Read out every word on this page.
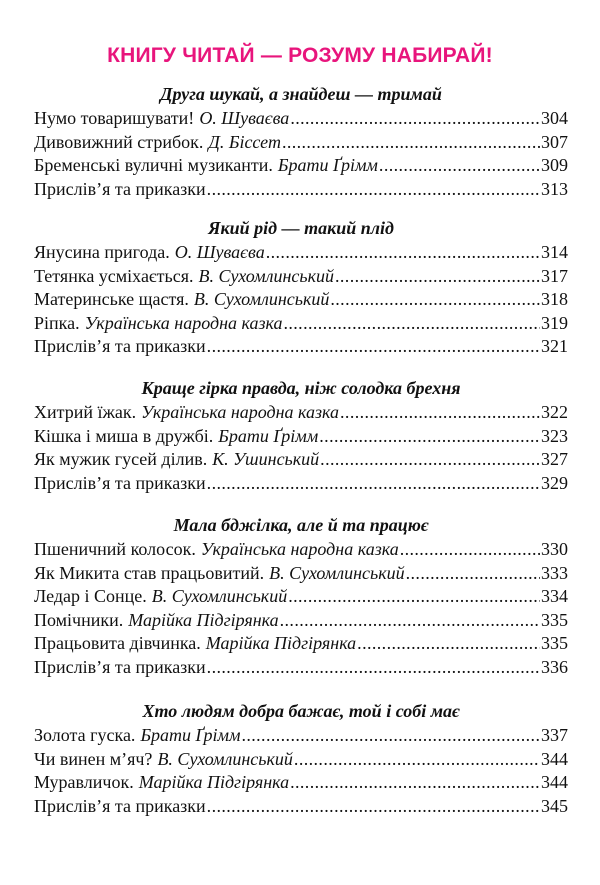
КНИГУ ЧИТАЙ — РОЗУМУ НАБИРАЙ!
Друга шукай, а знайдеш — тримай
Нумо товаришувати! О. Шуваєва .....	304
Дивовижний стрибок. Д. Біссет .....	307
Бременські вуличні музиканти. Брати Ґрімм .....	309
Прислів’я та приказки .....	313
Який рід — такий плід
Янусина пригода. О. Шуваєва .....	314
Тетянка усміхається. В. Сухомлинський .....	317
Материнське щастя. В. Сухомлинський .....	318
Ріпка. Українська народна казка .....	319
Прислів’я та приказки .....	321
Краще гірка правда, ніж солодка брехня
Хитрий їжак. Українська народна казка .....	322
Кішка і миша в дружбі. Брати Ґрімм .....	323
Як мужик гусей ділив. К. Ушинський .....	327
Прислів’я та приказки .....	329
Мала бджілка, але й та працює
Пшеничний колосок. Українська народна казка .....	330
Як Микита став працьовитий. В. Сухомлинський .....	333
Ледар і Сонце. В. Сухомлинський .....	334
Помічники. Марійка Підгірянка .....	335
Працьовита дівчинка. Марійка Підгірянка .....	335
Прислів’я та приказки .....	336
Хто людям добра бажає, той і собі має
Золота гуска. Брати Ґрімм .....	337
Чи винен м’яч? В. Сухомлинський .....	344
Муравличок. Марійка Підгірянка .....	344
Прислів’я та приказки .....	345
